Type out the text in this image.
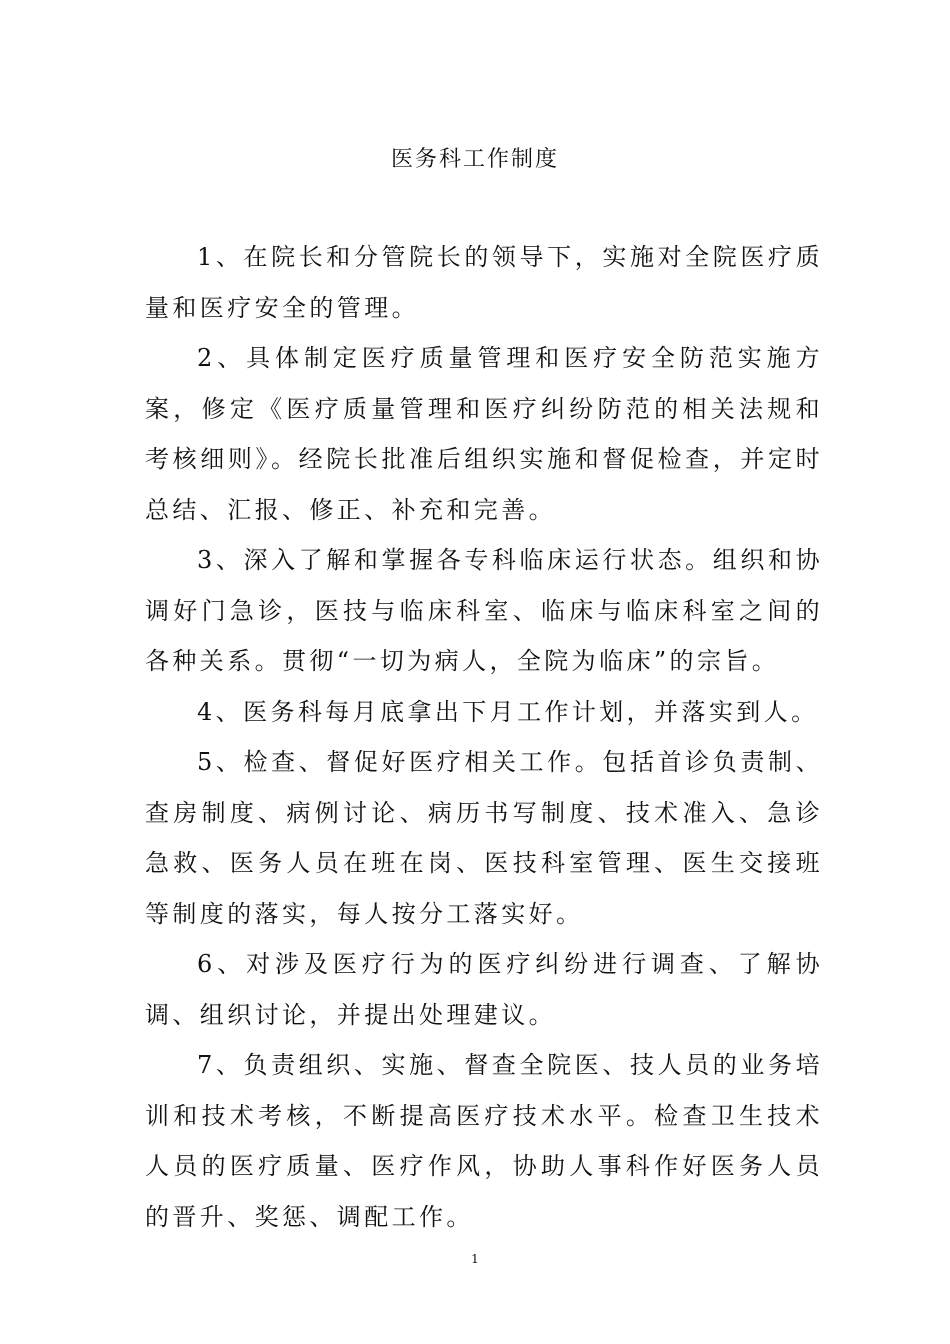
医务科工作制度

1、在院长和分管院长的领导下，实施对全院医疗质量和医疗安全的管理。

2、具体制定医疗质量管理和医疗安全防范实施方案，修定《医疗质量管理和医疗纠纷防范的相关法规和考核细则》。经院长批准后组织实施和督促检查，并定时总结、汇报、修正、补充和完善。

3、深入了解和掌握各专科临床运行状态。组织和协调好门急诊，医技与临床科室、临床与临床科室之间的各种关系。贯彻“一切为病人，全院为临床”的宗旨。

4、医务科每月底拿出下月工作计划，并落实到人。

5、检查、督促好医疗相关工作。包括首诊负责制、查房制度、病例讨论、病历书写制度、技术准入、急诊急救、医务人员在班在岗、医技科室管理、医生交接班等制度的落实，每人按分工落实好。

6、对涉及医疗行为的医疗纠纷进行调查、了解协调、组织讨论，并提出处理建议。

7、负责组织、实施、督查全院医、技人员的业务培训和技术考核，不断提高医疗技术水平。检查卫生技术人员的医疗质量、医疗作风，协助人事科作好医务人员的晋升、奖惩、调配工作。

1
